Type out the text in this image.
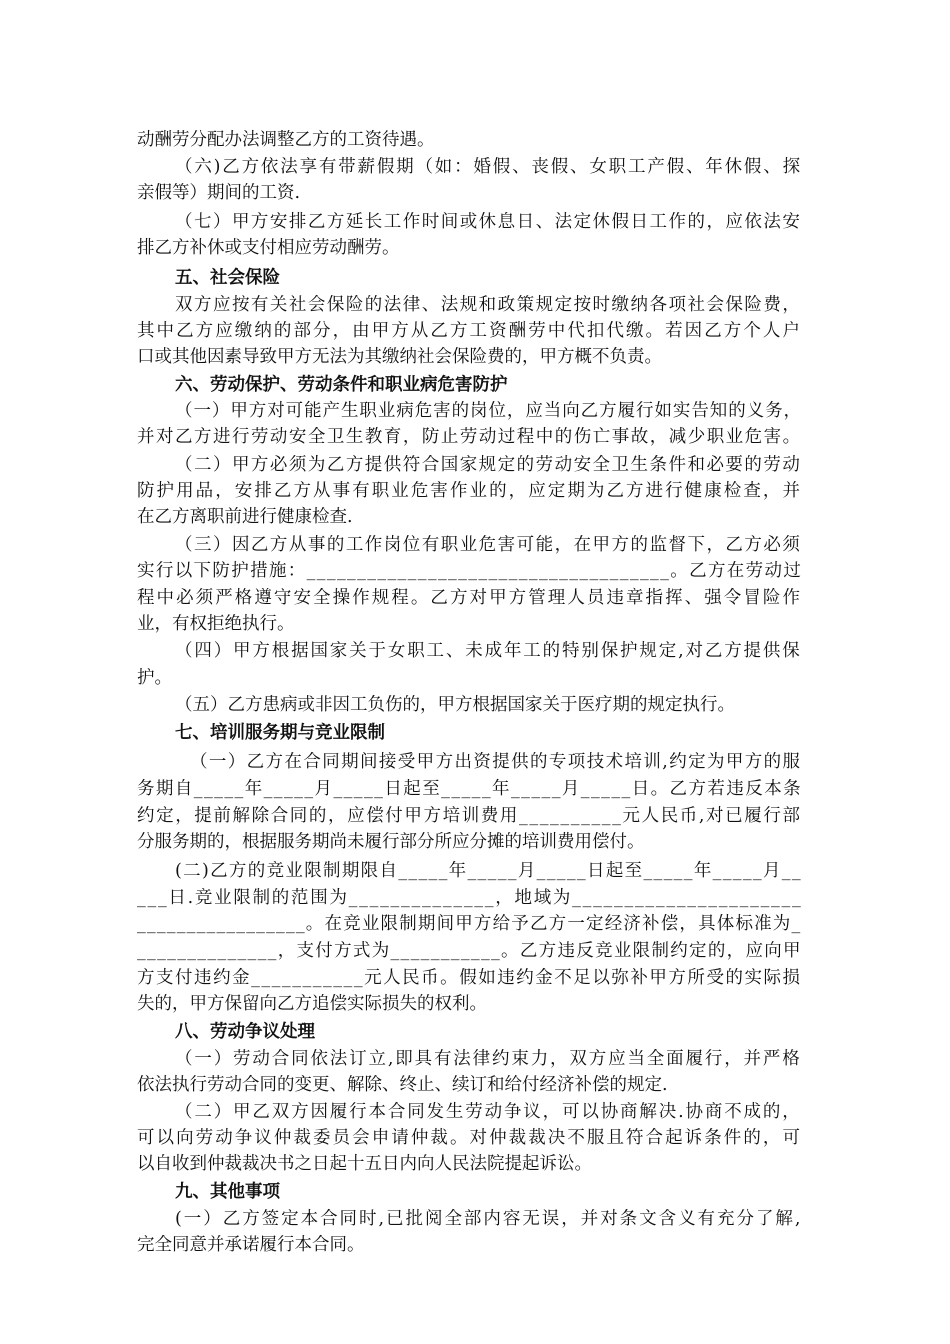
动酬劳分配办法调整乙方的工资待遇。
（六)乙方依法享有带薪假期（如：婚假、丧假、女职工产假、年休假、探
亲假等）期间的工资.
（七）甲方安排乙方延长工作时间或休息日、法定休假日工作的，应依法安
排乙方补休或支付相应劳动酬劳。
五、社会保险
双方应按有关社会保险的法律、法规和政策规定按时缴纳各项社会保险费，
其中乙方应缴纳的部分，由甲方从乙方工资酬劳中代扣代缴。若因乙方个人户
口或其他因素导致甲方无法为其缴纳社会保险费的，甲方概不负责。
六、劳动保护、劳动条件和职业病危害防护
（一）甲方对可能产生职业病危害的岗位，应当向乙方履行如实告知的义务，
并对乙方进行劳动安全卫生教育，防止劳动过程中的伤亡事故，减少职业危害。
（二）甲方必须为乙方提供符合国家规定的劳动安全卫生条件和必要的劳动
防护用品，安排乙方从事有职业危害作业的，应定期为乙方进行健康检查，并
在乙方离职前进行健康检查.
（三）因乙方从事的工作岗位有职业危害可能，在甲方的监督下，乙方必须
实行以下防护措施：____________________________________。乙方在劳动过
程中必须严格遵守安全操作规程。乙方对甲方管理人员违章指挥、强令冒险作
业，有权拒绝执行。
（四）甲方根据国家关于女职工、未成年工的特别保护规定,对乙方提供保
护。
（五）乙方患病或非因工负伤的，甲方根据国家关于医疗期的规定执行。
七、培训服务期与竞业限制
（一）乙方在合同期间接受甲方出资提供的专项技术培训,约定为甲方的服
务期自_____年_____月_____日起至_____年_____月_____日。乙方若违反本条
约定，提前解除合同的，应偿付甲方培训费用__________元人民币,对已履行部
分服务期的，根据服务期尚未履行部分所应分摊的培训费用偿付。
(二)乙方的竞业限制期限自_____年_____月_____日起至_____年_____月__
___日.竞业限制的范围为______________，地域为______________________
_________________。在竞业限制期间甲方给予乙方一定经济补偿，具体标准为_
______________，支付方式为___________。乙方违反竞业限制约定的，应向甲
方支付违约金___________元人民币。假如违约金不足以弥补甲方所受的实际损
失的，甲方保留向乙方追偿实际损失的权利。
八、劳动争议处理
（一）劳动合同依法订立,即具有法律约束力，双方应当全面履行，并严格
依法执行劳动合同的变更、解除、终止、续订和给付经济补偿的规定.
（二）甲乙双方因履行本合同发生劳动争议，可以协商解决.协商不成的，
可以向劳动争议仲裁委员会申请仲裁。对仲裁裁决不服且符合起诉条件的，可
以自收到仲裁裁决书之日起十五日内向人民法院提起诉讼。
九、其他事项
(一）乙方签定本合同时,已批阅全部内容无误，并对条文含义有充分了解,
完全同意并承诺履行本合同。
